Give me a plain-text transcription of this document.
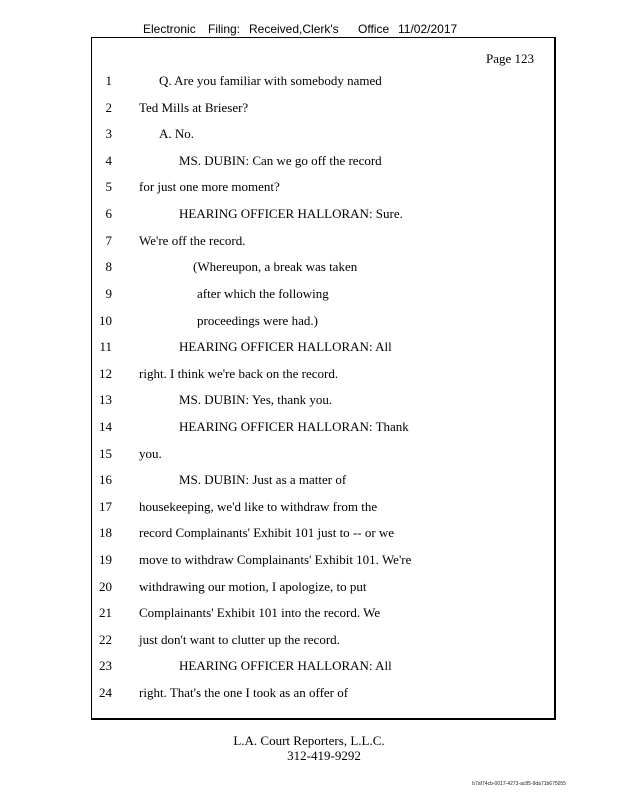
Electronic Filing: Received,Clerk's Office 11/02/2017
Page 123
1	Q. Are you familiar with somebody named
2 Ted Mills at Brieser?
3	A. No.
4	MS. DUBIN: Can we go off the record
5 for just one more moment?
6	HEARING OFFICER HALLORAN: Sure.
7 We're off the record.
8	(Whereupon, a break was taken
9	after which the following
10	proceedings were had.)
11	HEARING OFFICER HALLORAN: All
12 right. I think we're back on the record.
13	MS. DUBIN: Yes, thank you.
14	HEARING OFFICER HALLORAN: Thank
15 you.
16	MS. DUBIN: Just as a matter of
17 housekeeping, we'd like to withdraw from the
18 record Complainants' Exhibit 101 just to -- or we
19 move to withdraw Complainants' Exhibit 101. We're
20 withdrawing our motion, I apologize, to put
21 Complainants' Exhibit 101 into the record. We
22 just don't want to clutter up the record.
23	HEARING OFFICER HALLORAN: All
24 right. That's the one I took as an offer of
L.A. Court Reporters, L.L.C.
312-419-9292
b7af74cb-0017-4273-ac85-9da71b675055
